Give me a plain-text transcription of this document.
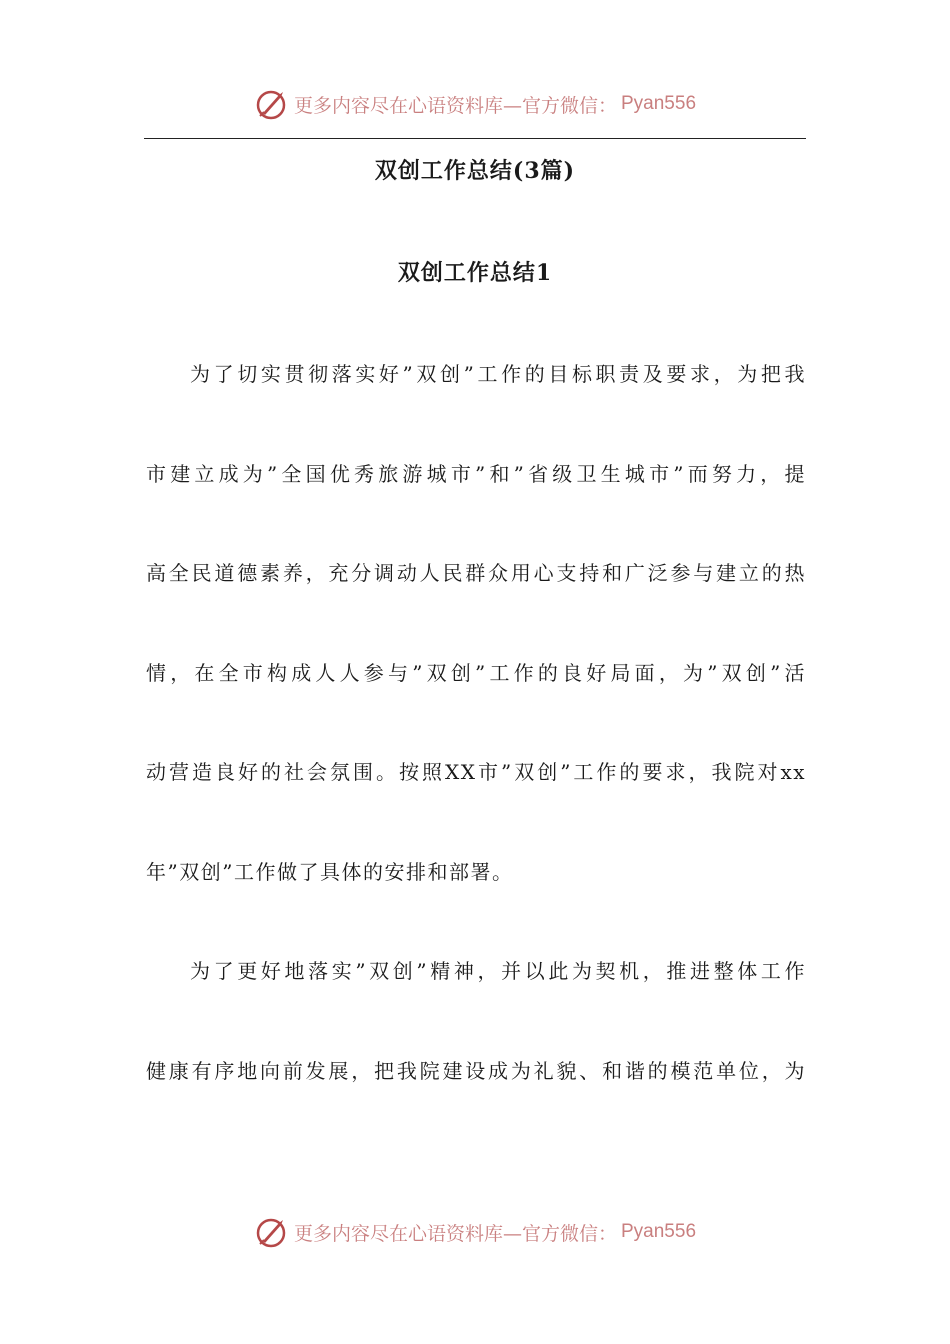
更多内容尽在心语资料库—官方微信： Pyan556
双创工作总结(3篇)
双创工作总结1
为了切实贯彻落实好”双创”工作的目标职责及要求，为把我
市建立成为”全国优秀旅游城市”和”省级卫生城市”而努力，提
高全民道德素养，充分调动人民群众用心支持和广泛参与建立的热
情，在全市构成人人参与”双创”工作的良好局面，为”双创”活
动营造良好的社会氛围。按照XX市”双创”工作的要求，我院对xx
年”双创”工作做了具体的安排和部署。
为了更好地落实”双创”精神，并以此为契机，推进整体工作
健康有序地向前发展，把我院建设成为礼貌、和谐的模范单位，为
更多内容尽在心语资料库—官方微信： Pyan556
